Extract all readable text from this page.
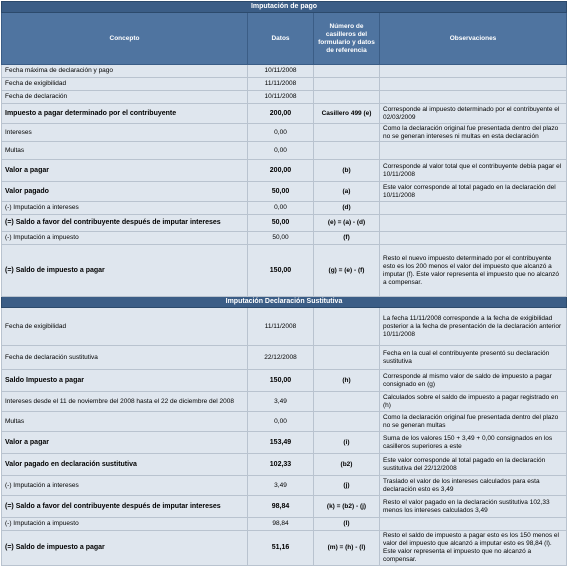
Imputación de pago			
Concepto	Datos	Número de casilleros del formulario y datos de referencia	Observaciones
Fecha máxima de declaración y pago	10/11/2008		
Fecha de exigibilidad	11/11/2008		
Fecha de declaración	10/11/2008		
Impuesto a pagar determinado por el contribuyente	200,00	Casillero 499 (e)	Corresponde al impuesto determinado por el contribuyente el 02/03/2009
Intereses	0,00		Como la declaración original fue presentada dentro del plazo no se generan intereses ni multas en esta declaración
Multas	0,00		
Valor a pagar	200,00	(b)	Corresponde al valor total que el contribuyente debía pagar el 10/11/2008
Valor pagado	50,00	(a)	Este valor corresponde al total pagado en la declaración del 10/11/2008
(-) Imputación a intereses	0,00	(d)	
(=) Saldo a favor del contribuyente después de imputar intereses	50,00	(e) = (a) - (d)	
(-) Imputación a impuesto	50,00	(f)	
(=) Saldo de impuesto a pagar	150,00	(g) = (e) - (f)	Resto el nuevo impuesto determinado por el contribuyente esto es los 200 menos el valor del impuesto que alcanzó a imputar (f). Este valor representa el impuesto que no alcanzó a compensar.
Imputación Declaración Sustitutiva			
Fecha de exigibilidad	11/11/2008		La fecha 11/11/2008 corresponde a la fecha de exigibilidad posterior a la fecha de presentación de la declaración anterior 10/11/2008
Fecha de declaración sustitutiva	22/12/2008		Fecha en la cual el contribuyente presentó su declaración sustitutiva
Saldo Impuesto a pagar	150,00	(h)	Corresponde al mismo valor de saldo de impuesto a pagar consignado en (g)
Intereses desde el 11 de noviembre del 2008 hasta el 22 de diciembre del 2008	3,49		Calculados sobre el saldo de impuesto a pagar registrado en (h)
Multas	0,00		Como la declaración original fue presentada dentro del plazo no se generan multas
Valor a pagar	153,49	(i)	Suma de los valores 150 + 3,49 + 0,00 consignados en los casilleros superiores a este
Valor pagado en declaración sustitutiva	102,33	(b2)	Este valor corresponde al total pagado en la declaración sustitutiva del 22/12/2008
(-) Imputación a intereses	3,49	(j)	Traslado el valor de los intereses calculados para esta declaración esto es 3,49
(=) Saldo a favor del contribuyente después de imputar intereses	98,84	(k) = (b2) - (j)	Resto el valor pagado en la declaración sustitutiva 102,33 menos los intereses calculados 3,49
(-) Imputación a impuesto	98,84	(l)	
(=) Saldo de impuesto a pagar	51,16	(m) = (h) - (l)	Resto el saldo de impuesto a pagar esto es los 150 menos el valor del impuesto que alcanzó a imputar esto es 98,84 (l). Este valor representa el impuesto que no alcanzó a compensar.
